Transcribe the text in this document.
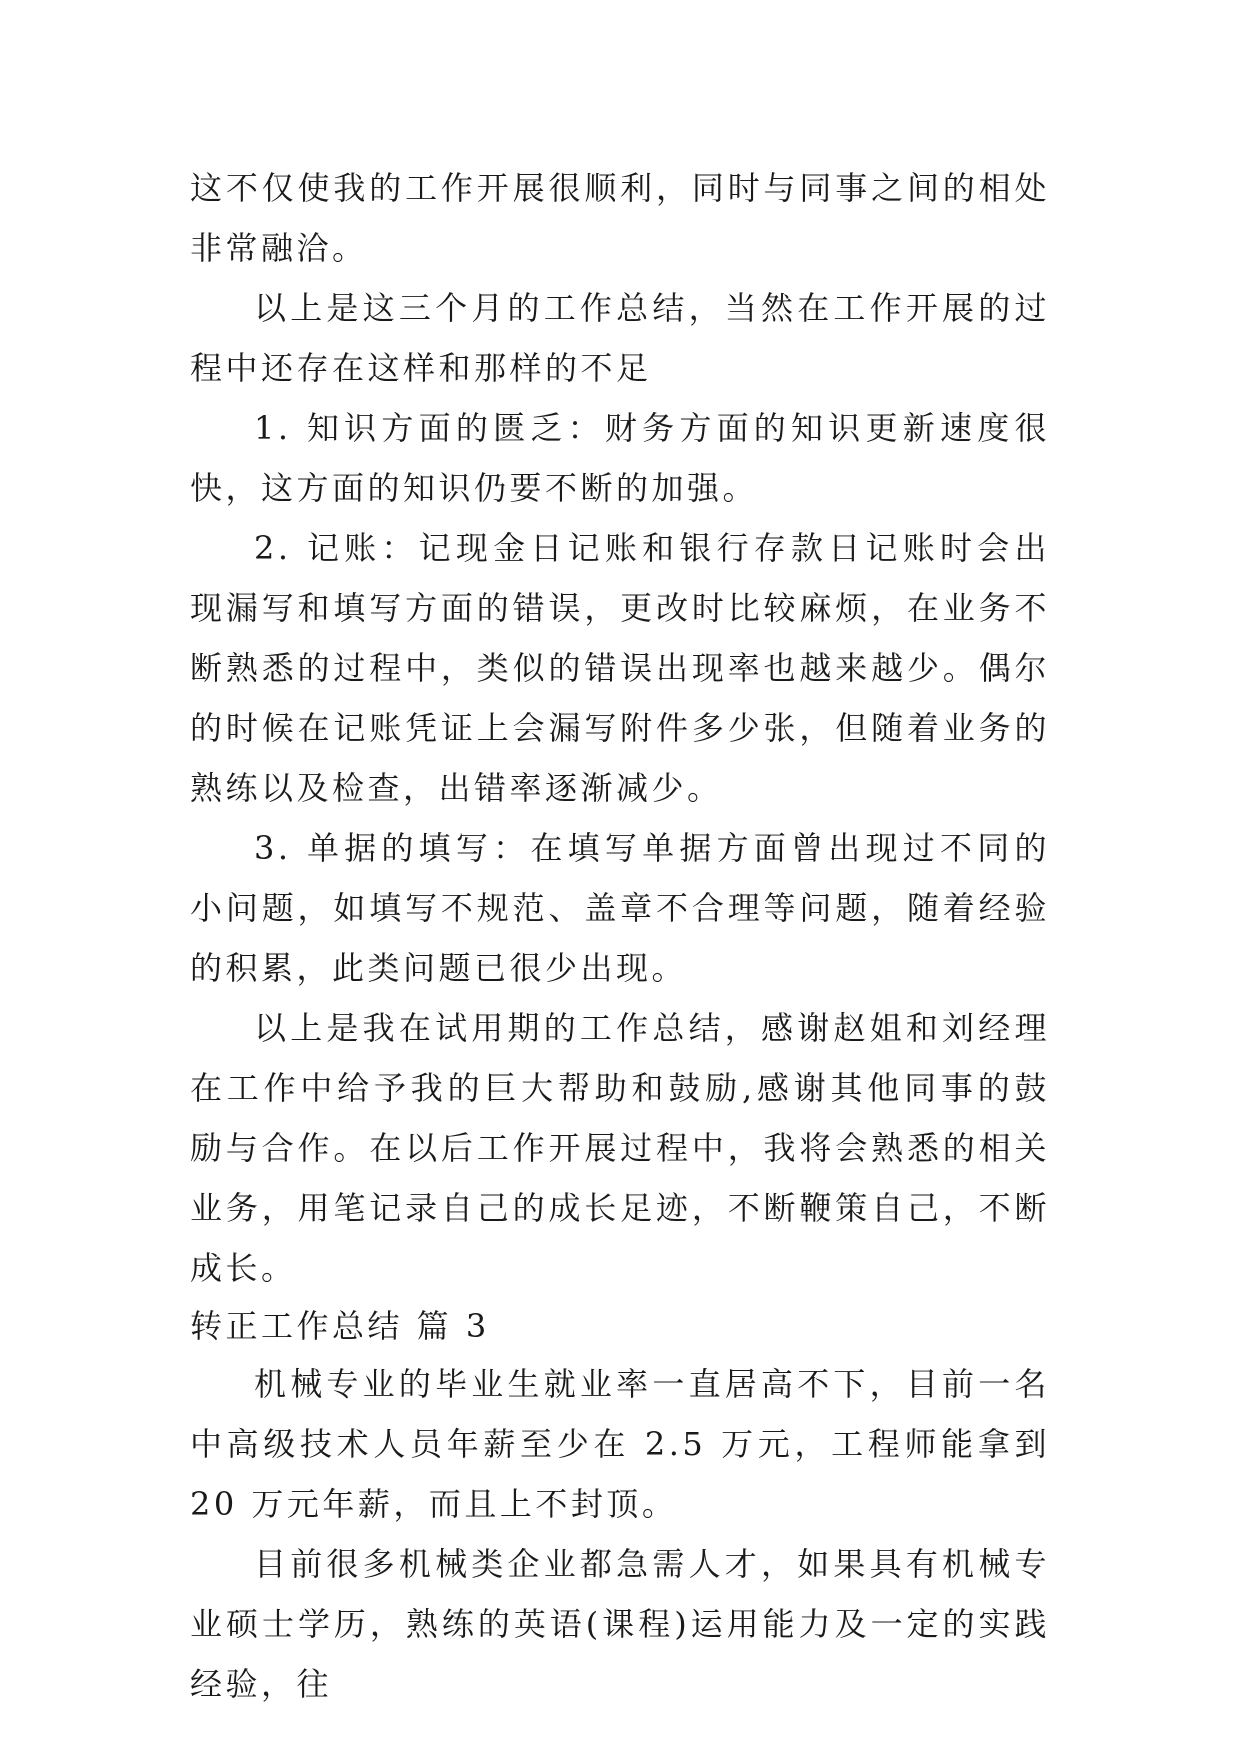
这不仅使我的工作开展很顺利，同时与同事之间的相处非常融洽。

以上是这三个月的工作总结，当然在工作开展的过程中还存在这样和那样的不足

1. 知识方面的匮乏：财务方面的知识更新速度很快，这方面的知识仍要不断的加强。

2. 记账：记现金日记账和银行存款日记账时会出现漏写和填写方面的错误，更改时比较麻烦，在业务不断熟悉的过程中，类似的错误出现率也越来越少。偶尔的时候在记账凭证上会漏写附件多少张，但随着业务的熟练以及检查，出错率逐渐减少。

3. 单据的填写：在填写单据方面曾出现过不同的小问题，如填写不规范、盖章不合理等问题，随着经验的积累，此类问题已很少出现。

以上是我在试用期的工作总结，感谢赵姐和刘经理在工作中给予我的巨大帮助和鼓励,感谢其他同事的鼓励与合作。在以后工作开展过程中，我将会熟悉的相关业务，用笔记录自己的成长足迹，不断鞭策自己，不断成长。

转正工作总结 篇 3

机械专业的毕业生就业率一直居高不下，目前一名中高级技术人员年薪至少在 2.5 万元，工程师能拿到 20 万元年薪，而且上不封顶。

目前很多机械类企业都急需人才，如果具有机械专业硕士学历，熟练的英语(课程)运用能力及一定的实践经验，往
